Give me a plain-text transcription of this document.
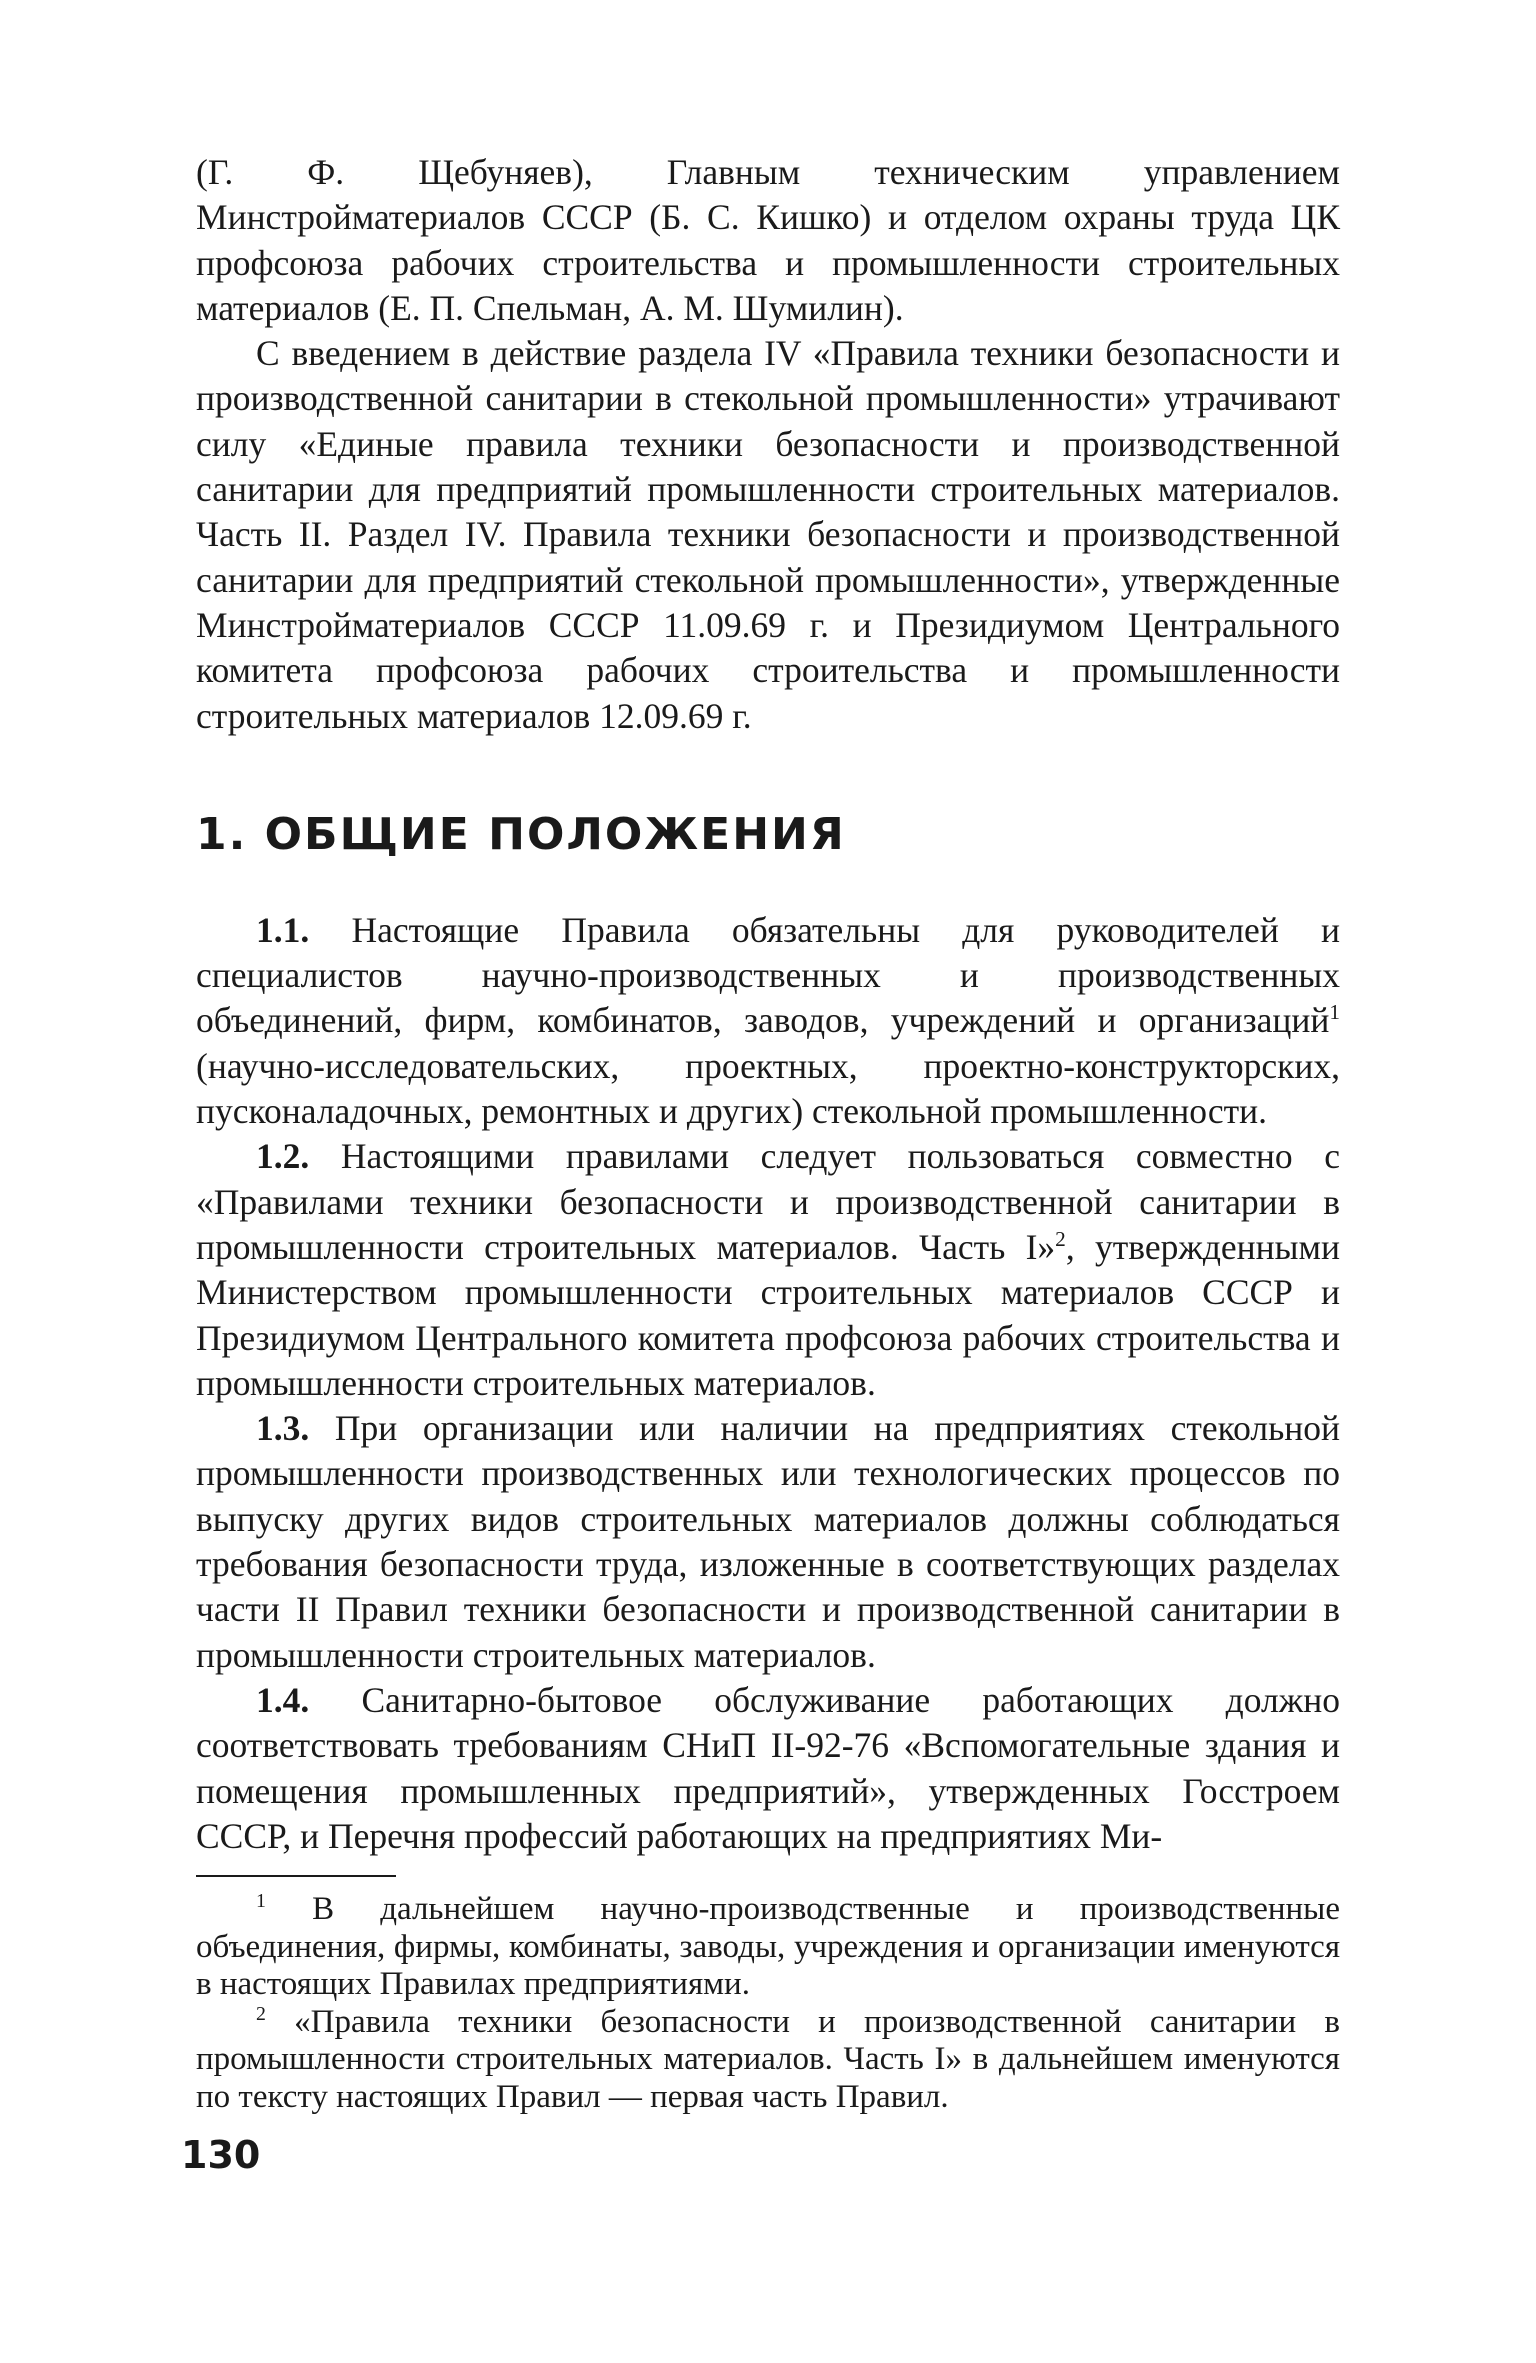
(Г. Ф. Щебуняев), Главным техническим управлением Минстройматериалов СССР (Б. С. Кишко) и отделом охраны труда ЦК профсоюза рабочих строительства и промышленности строительных материалов (Е. П. Спельман, А. М. Шумилин).

С введением в действие раздела IV «Правила техники безопасности и производственной санитарии в стекольной промышленности» утрачивают силу «Единые правила техники безопасности и производственной санитарии для предприятий промышленности строительных материалов. Часть II. Раздел IV. Правила техники безопасности и производственной санитарии для предприятий стекольной промышленности», утвержденные Минстройматериалов СССР 11.09.69 г. и Президиумом Центрального комитета профсоюза рабочих строительства и промышленности строительных материалов 12.09.69 г.

1. ОБЩИЕ ПОЛОЖЕНИЯ

1.1. Настоящие Правила обязательны для руководителей и специалистов научно-производственных и производственных объединений, фирм, комбинатов, заводов, учреждений и организаций$^1$ (научно-исследовательских, проектных, проектно-конструкторских, пусконаладочных, ремонтных и других) стекольной промышленности.

1.2. Настоящими правилами следует пользоваться совместно с «Правилами техники безопасности и производственной санитарии в промышленности строительных материалов. Часть I»$^2$, утвержденными Министерством промышленности строительных материалов СССР и Президиумом Центрального комитета профсоюза рабочих строительства и промышленности строительных материалов.

1.3. При организации или наличии на предприятиях стекольной промышленности производственных или технологических процессов по выпуску других видов строительных материалов должны соблюдаться требования безопасности труда, изложенные в соответствующих разделах части II Правил техники безопасности и производственной санитарии в промышленности строительных материалов.

1.4. Санитарно-бытовое обслуживание работающих должно соответствовать требованиям СНиП II-92-76 «Вспомогательные здания и помещения промышленных предприятий», утвержденных Госстроем СССР, и Перечня профессий работающих на предприятиях Ми-

$^1$ В дальнейшем научно-производственные и производственные объединения, фирмы, комбинаты, заводы, учреждения и организации именуются в настоящих Правилах предприятиями.

$^2$ «Правила техники безопасности и производственной санитарии в промышленности строительных материалов. Часть I» в дальнейшем именуются по тексту настоящих Правил — первая часть Правил.

130
